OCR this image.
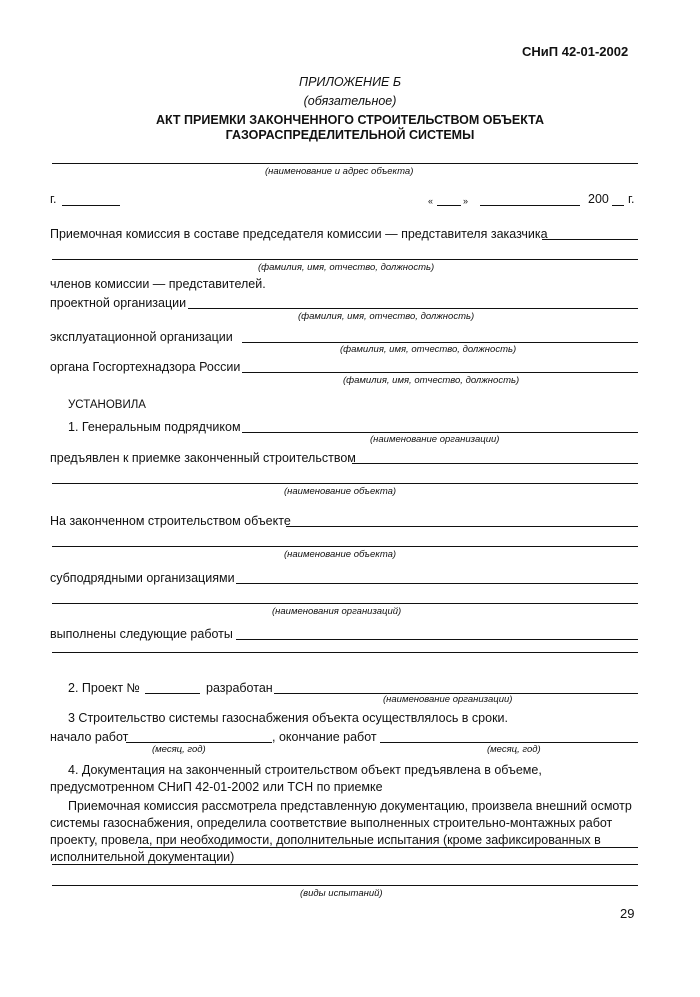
СНиП 42-01-2002
ПРИЛОЖЕНИЕ Б
(обязательное)
АКТ ПРИЕМКИ ЗАКОНЧЕННОГО СТРОИТЕЛЬСТВОМ ОБЪЕКТА
ГАЗОРАСПРЕДЕЛИТЕЛЬНОЙ СИСТЕМЫ
(наименование и адрес объекта)
г.	«	»	200 г.
Приемочная комиссия в составе председателя комиссии — представителя заказчика
(фамилия, имя, отчество, должность)
членов комиссии — представителей.
проектной организации
(фамилия, имя, отчество, должность)
эксплуатационной организации
(фамилия, имя, отчество, должность)
органа Госгортехнадзора России
(фамилия, имя, отчество, должность)
УСТАНОВИЛА
1. Генеральным подрядчиком
(наименование организации)
предъявлен к приемке законченный строительством
(наименование объекта)
На законченном строительством объекте
(наименование объекта)
субподрядными организациями
(наименования организаций)
выполнены следующие работы
2. Проект №	разработан
(наименование организации)
3 Строительство системы газоснабжения объекта осуществлялось в сроки.
начало работ	, окончание работ
(месяц, год)	(месяц, год)
4. Документация на законченный строительством объект предъявлена в объеме, предусмотренном СНиП 42-01-2002 или ТСН по приемке
Приемочная комиссия рассмотрела представленную документацию, произвела внешний осмотр системы газоснабжения, определила соответствие выполненных строительно-монтажных работ проекту, провела, при необходимости, дополнительные испытания (кроме зафиксированных в исполнительной документации)
(виды испытаний)
29
